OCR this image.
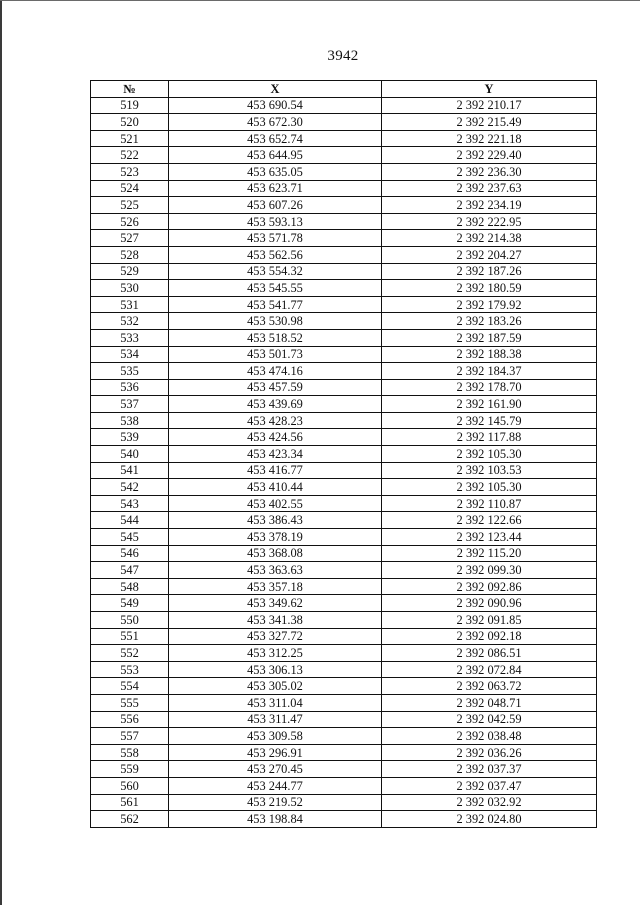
3942
№	X	Y
519	453 690.54	2 392 210.17
520	453 672.30	2 392 215.49
521	453 652.74	2 392 221.18
522	453 644.95	2 392 229.40
523	453 635.05	2 392 236.30
524	453 623.71	2 392 237.63
525	453 607.26	2 392 234.19
526	453 593.13	2 392 222.95
527	453 571.78	2 392 214.38
528	453 562.56	2 392 204.27
529	453 554.32	2 392 187.26
530	453 545.55	2 392 180.59
531	453 541.77	2 392 179.92
532	453 530.98	2 392 183.26
533	453 518.52	2 392 187.59
534	453 501.73	2 392 188.38
535	453 474.16	2 392 184.37
536	453 457.59	2 392 178.70
537	453 439.69	2 392 161.90
538	453 428.23	2 392 145.79
539	453 424.56	2 392 117.88
540	453 423.34	2 392 105.30
541	453 416.77	2 392 103.53
542	453 410.44	2 392 105.30
543	453 402.55	2 392 110.87
544	453 386.43	2 392 122.66
545	453 378.19	2 392 123.44
546	453 368.08	2 392 115.20
547	453 363.63	2 392 099.30
548	453 357.18	2 392 092.86
549	453 349.62	2 392 090.96
550	453 341.38	2 392 091.85
551	453 327.72	2 392 092.18
552	453 312.25	2 392 086.51
553	453 306.13	2 392 072.84
554	453 305.02	2 392 063.72
555	453 311.04	2 392 048.71
556	453 311.47	2 392 042.59
557	453 309.58	2 392 038.48
558	453 296.91	2 392 036.26
559	453 270.45	2 392 037.37
560	453 244.77	2 392 037.47
561	453 219.52	2 392 032.92
562	453 198.84	2 392 024.80
